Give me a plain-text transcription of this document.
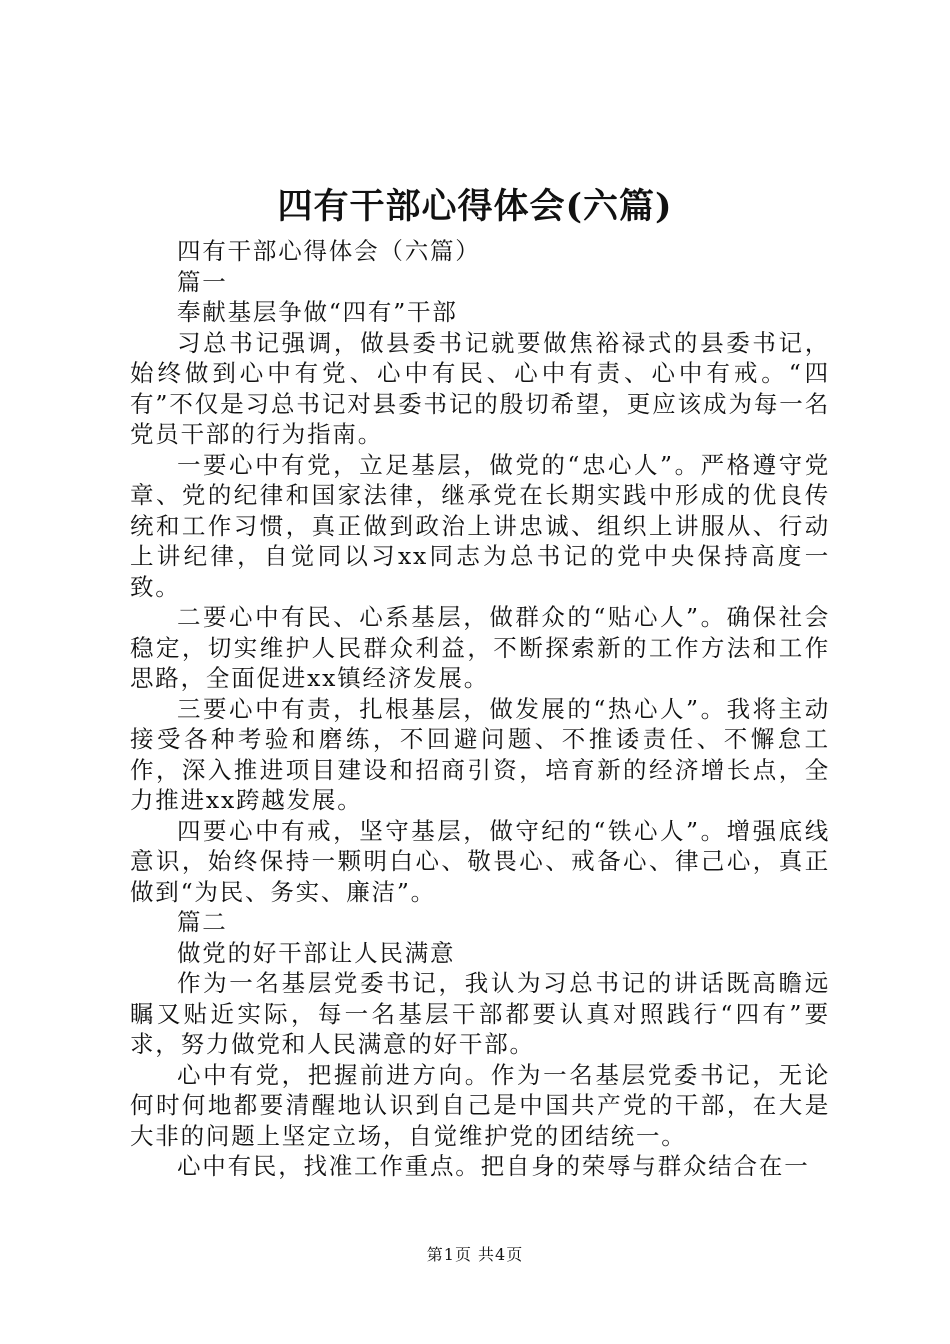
四有干部心得体会(六篇)

四有干部心得体会（六篇）

篇一

奉献基层争做“四有”干部

习总书记强调，做县委书记就要做焦裕禄式的县委书记，始终做到心中有党、心中有民、心中有责、心中有戒。“四有”不仅是习总书记对县委书记的殷切希望，更应该成为每一名党员干部的行为指南。

一要心中有党，立足基层，做党的“忠心人”。严格遵守党章、党的纪律和国家法律，继承党在长期实践中形成的优良传统和工作习惯，真正做到政治上讲忠诚、组织上讲服从、行动上讲纪律，自觉同以习xx同志为总书记的党中央保持高度一致。

二要心中有民、心系基层，做群众的“贴心人”。确保社会稳定，切实维护人民群众利益，不断探索新的工作方法和工作思路，全面促进xx镇经济发展。

三要心中有责，扎根基层，做发展的“热心人”。我将主动接受各种考验和磨练，不回避问题、不推诿责任、不懈怠工作，深入推进项目建设和招商引资，培育新的经济增长点，全力推进xx跨越发展。

四要心中有戒，坚守基层，做守纪的“铁心人”。增强底线意识，始终保持一颗明白心、敬畏心、戒备心、律己心，真正做到“为民、务实、廉洁”。

篇二

做党的好干部让人民满意

作为一名基层党委书记，我认为习总书记的讲话既高瞻远瞩又贴近实际，每一名基层干部都要认真对照践行“四有”要求，努力做党和人民满意的好干部。

心中有党，把握前进方向。作为一名基层党委书记，无论何时何地都要清醒地认识到自己是中国共产党的干部，在大是大非的问题上坚定立场，自觉维护党的团结统一。

心中有民，找准工作重点。把自身的荣辱与群众结合在一

第1页 共4页
